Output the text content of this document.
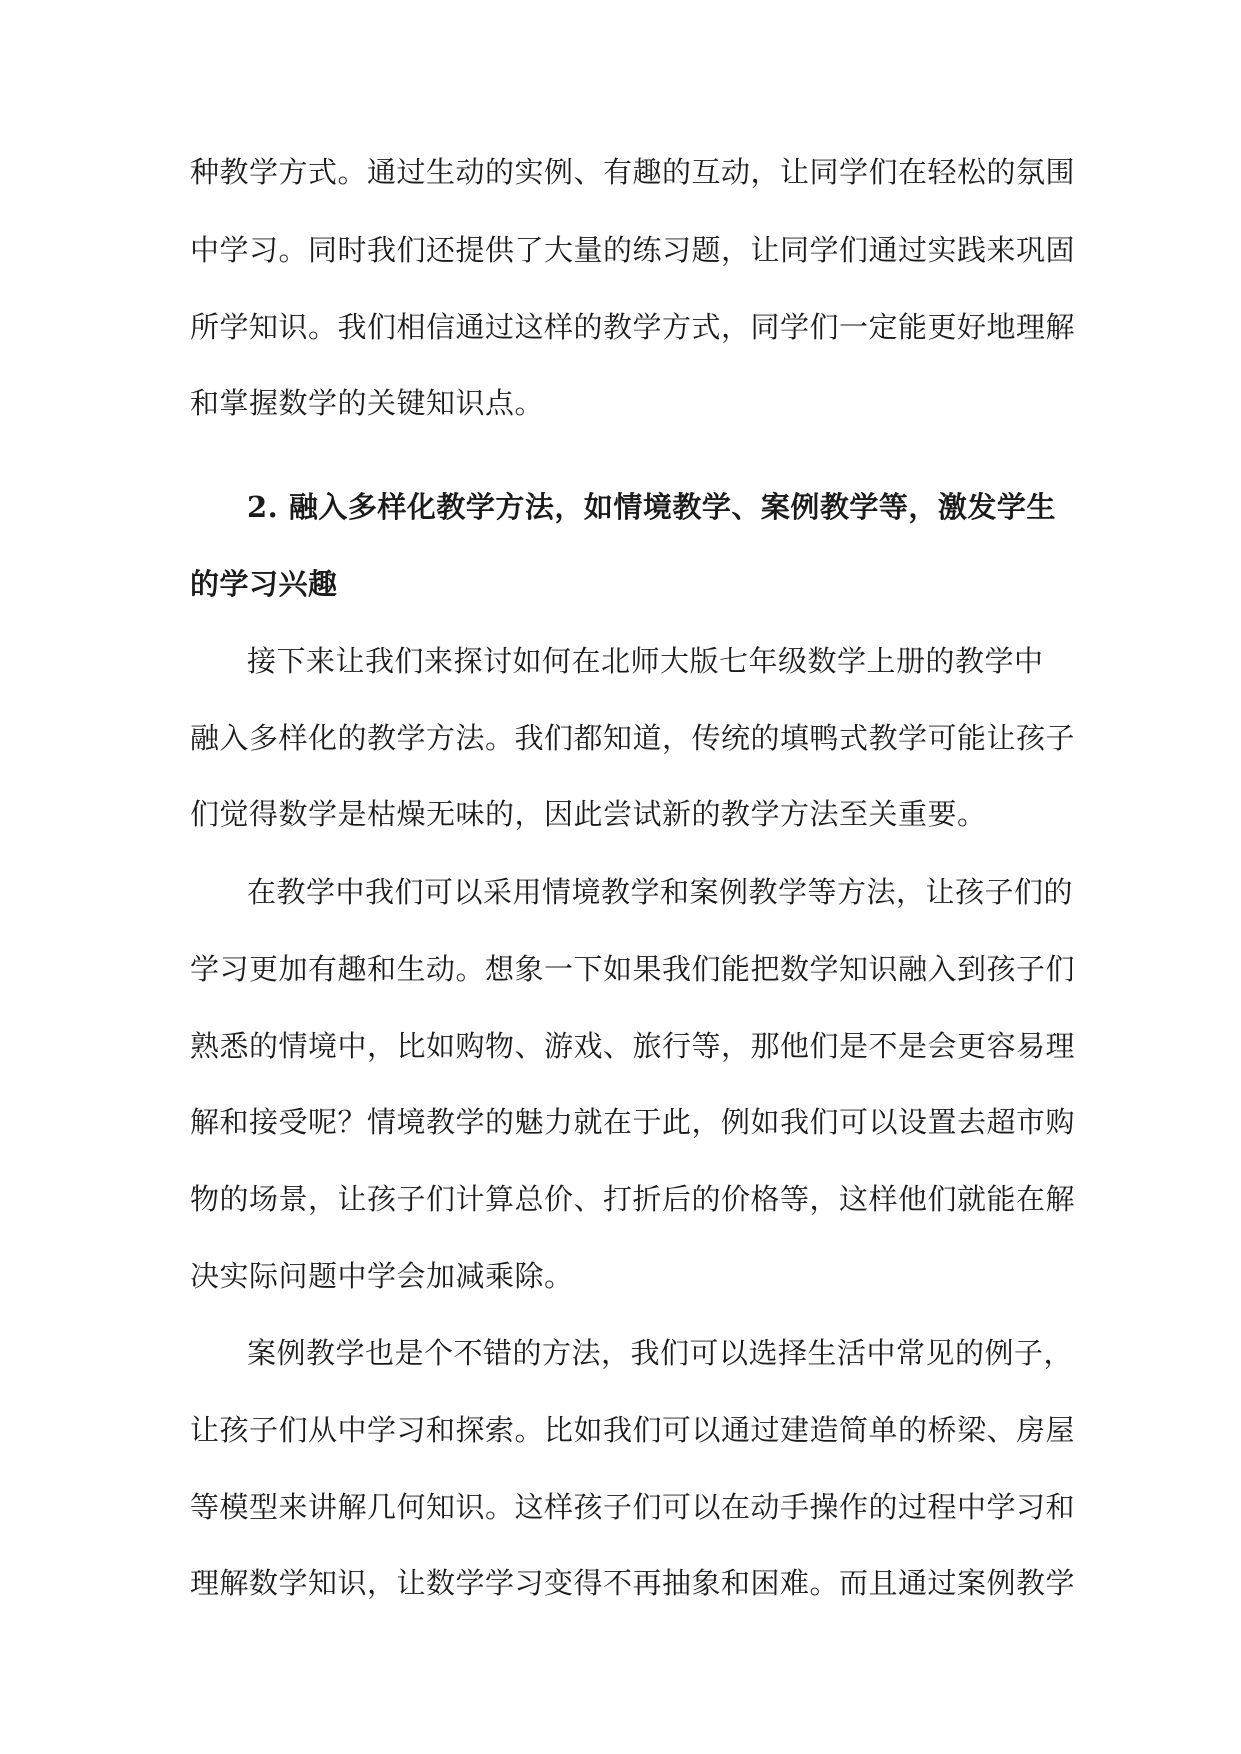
种教学方式。通过生动的实例、有趣的互动，让同学们在轻松的氛围

中学习。同时我们还提供了大量的练习题，让同学们通过实践来巩固

所学知识。我们相信通过这样的教学方式，同学们一定能更好地理解

和掌握数学的关键知识点。

2. 融入多样化教学方法，如情境教学、案例教学等，激发学生

的学习兴趣

接下来让我们来探讨如何在北师大版七年级数学上册的教学中

融入多样化的教学方法。我们都知道，传统的填鸭式教学可能让孩子

们觉得数学是枯燥无味的，因此尝试新的教学方法至关重要。

在教学中我们可以采用情境教学和案例教学等方法，让孩子们的

学习更加有趣和生动。想象一下如果我们能把数学知识融入到孩子们

熟悉的情境中，比如购物、游戏、旅行等，那他们是不是会更容易理

解和接受呢？情境教学的魅力就在于此，例如我们可以设置去超市购

物的场景，让孩子们计算总价、打折后的价格等，这样他们就能在解

决实际问题中学会加减乘除。

案例教学也是个不错的方法，我们可以选择生活中常见的例子，

让孩子们从中学习和探索。比如我们可以通过建造简单的桥梁、房屋

等模型来讲解几何知识。这样孩子们可以在动手操作的过程中学习和

理解数学知识，让数学学习变得不再抽象和困难。而且通过案例教学
